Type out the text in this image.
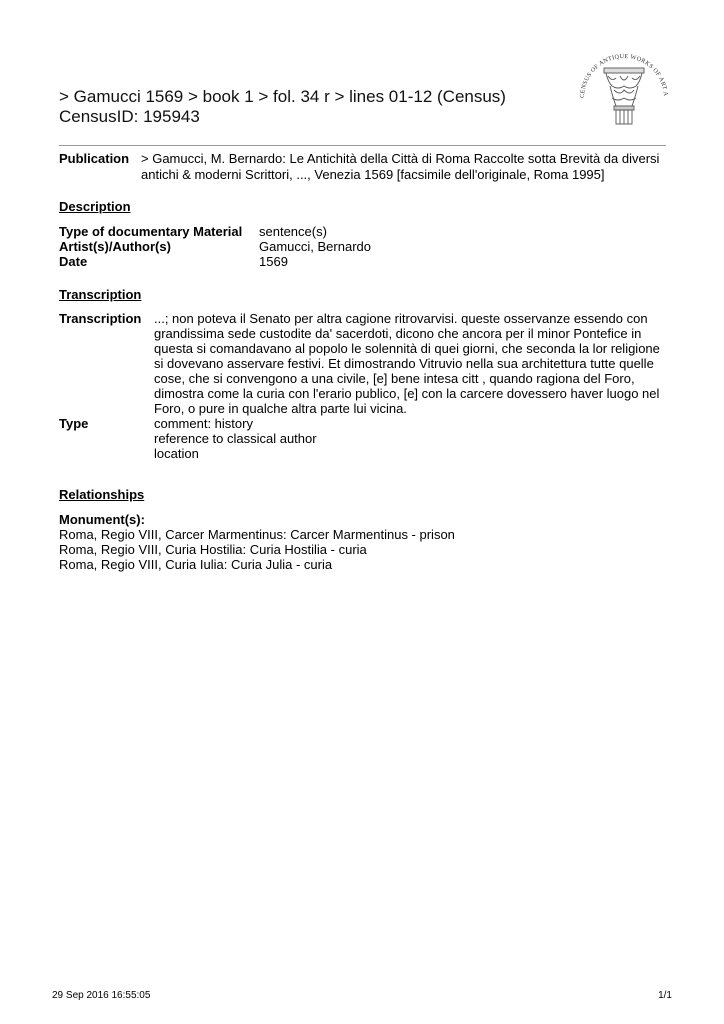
> Gamucci 1569 > book 1 > fol. 34 r > lines 01-12 (Census)
CensusID: 195943
CENSUS OF ANTIQUE WORKS OF ART A
Publication > Gamucci, M. Bernardo: Le Antichità della Città di Roma Raccolte sotta Brevità da diversi antichi & moderni Scrittori, ..., Venezia 1569 [facsimile dell'originale, Roma 1995]
Description
Type of documentary Material sentence(s)
Artist(s)/Author(s)	Gamucci, Bernardo
Date	1569
Transcription
Transcription ...; non poteva il Senato per altra cagione ritrovarvisi. queste osservanze essendo con grandissima sede custodite da' sacerdoti, dicono che ancora per il minor Pontefice in questa si comandavano al popolo le solennità di quei giorni, che seconda la lor religione si dovevano asservare festivi. Et dimostrando Vitruvio nella sua architettura tutte quelle cose, che si convengono a una civile, [e] bene intesa citt , quando ragiona del Foro, dimostra come la curia con l'erario publico, [e] con la carcere dovessero haver luogo nel Foro, o pure in qualche altra parte lui vicina.
Type	comment: history
reference to classical author
location
Relationships
Monument(s):
Roma, Regio VIII, Carcer Marmentinus: Carcer Marmentinus - prison
Roma, Regio VIII, Curia Hostilia: Curia Hostilia - curia
Roma, Regio VIII, Curia Iulia: Curia Julia - curia
29 Sep 2016 16:55:05	1/1
